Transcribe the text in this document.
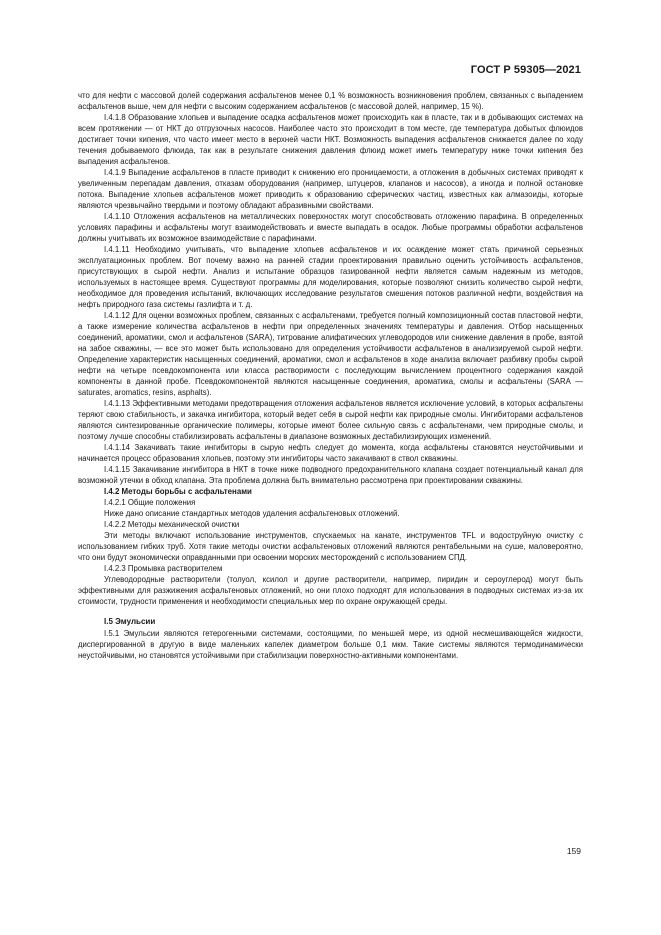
ГОСТ Р 59305—2021

что для нефти с массовой долей содержания асфальтенов менее 0,1 % возможность возникновения проблем, связанных с выпадением асфальтенов выше, чем для нефти с высоким содержанием асфальтенов (с массовой долей, например, 15 %).

I.4.1.8 Образование хлопьев и выпадение осадка асфальтенов может происходить как в пласте, так и в добывающих системах на всем протяжении — от НКТ до отгрузочных насосов. Наиболее часто это происходит в том месте, где температура добытых флюидов достигает точки кипения, что часто имеет место в верхней части НКТ. Возможность выпадения асфальтенов снижается далее по ходу течения добываемого флюида, так как в результате снижения давления флюид может иметь температуру ниже точки кипения без выпадения асфальтенов.

I.4.1.9 Выпадение асфальтенов в пласте приводит к снижению его проницаемости, а отложения в добычных системах приводят к увеличенным перепадам давления, отказам оборудования (например, штуцеров, клапанов и насосов), а иногда и полной остановке потока. Выпадение хлопьев асфальтенов может приводить к образованию сферических частиц, известных как алмазоиды, которые являются чрезвычайно твердыми и поэтому обладают абразивными свойствами.

I.4.1.10 Отложения асфальтенов на металлических поверхностях могут способствовать отложению парафина. В определенных условиях парафины и асфальтены могут взаимодействовать и вместе выпадать в осадок. Любые программы обработки асфальтенов должны учитывать их возможное взаимодействие с парафинами.

I.4.1.11 Необходимо учитывать, что выпадение хлопьев асфальтенов и их осаждение может стать причиной серьезных эксплуатационных проблем. Вот почему важно на ранней стадии проектирования правильно оценить устойчивость асфальтенов, присутствующих в сырой нефти. Анализ и испытание образцов газированной нефти является самым надежным из методов, используемых в настоящее время. Существуют программы для моделирования, которые позволяют снизить количество сырой нефти, необходимое для проведения испытаний, включающих исследование результатов смешения потоков различной нефти, воздействия на нефть природного газа системы газлифта и т. д.

I.4.1.12 Для оценки возможных проблем, связанных с асфальтенами, требуется полный композиционный состав пластовой нефти, а также измерение количества асфальтенов в нефти при определенных значениях температуры и давления. Отбор насыщенных соединений, ароматики, смол и асфальтенов (SARA), титрование алифатических углеводородов или снижение давления в пробе, взятой на забое скважины, — все это может быть использовано для определения устойчивости асфальтенов в анализируемой сырой нефти. Определение характеристик насыщенных соединений, ароматики, смол и асфальтенов в ходе анализа включает разбивку пробы сырой нефти на четыре псевдокомпонента или класса растворимости с последующим вычислением процентного содержания каждой компоненты в данной пробе. Псевдокомпонентой являются насыщенные соединения, ароматика, смолы и асфальтены (SARA — saturates, aromatics, resins, asphalts).

I.4.1.13 Эффективными методами предотвращения отложения асфальтенов является исключение условий, в которых асфальтены теряют свою стабильность, и закачка ингибитора, который ведет себя в сырой нефти как природные смолы. Ингибиторами асфальтенов являются синтезированные органические полимеры, которые имеют более сильную связь с асфальтенами, чем природные смолы, и поэтому лучше способны стабилизировать асфальтены в диапазоне возможных дестабилизирующих изменений.

I.4.1.14 Закачивать такие ингибиторы в сырую нефть следует до момента, когда асфальтены становятся неустойчивыми и начинается процесс образования хлопьев, поэтому эти ингибиторы часто закачивают в ствол скважины.

I.4.1.15 Закачивание ингибитора в НКТ в точке ниже подводного предохранительного клапана создает потенциальный канал для возможной утечки в обход клапана. Эта проблема должна быть внимательно рассмотрена при проектировании скважины.

I.4.2 Методы борьбы с асфальтенами

I.4.2.1 Общие положения

Ниже дано описание стандартных методов удаления асфальтеновых отложений.

I.4.2.2 Методы механической очистки

Эти методы включают использование инструментов, спускаемых на канате, инструментов TFL и водоструйную очистку с использованием гибких труб. Хотя такие методы очистки асфальтеновых отложений являются рентабельными на суше, маловероятно, что они будут экономически оправданными при освоении морских месторождений с использованием СПД.

I.4.2.3 Промывка растворителем

Углеводородные растворители (толуол, ксилол и другие растворители, например, пиридин и сероуглерод) могут быть эффективными для разжижения асфальтеновых отложений, но они плохо подходят для использования в подводных системах из-за их стоимости, трудности применения и необходимости специальных мер по охране окружающей среды.

I.5 Эмульсии

I.5.1 Эмульсии являются гетерогенными системами, состоящими, по меньшей мере, из одной несмешивающейся жидкости, диспергированной в другую в виде маленьких капелек диаметром больше 0,1 мкм. Такие системы являются термодинамически неустойчивыми, но становятся устойчивыми при стабилизации поверхностно-активными компонентами.

159
